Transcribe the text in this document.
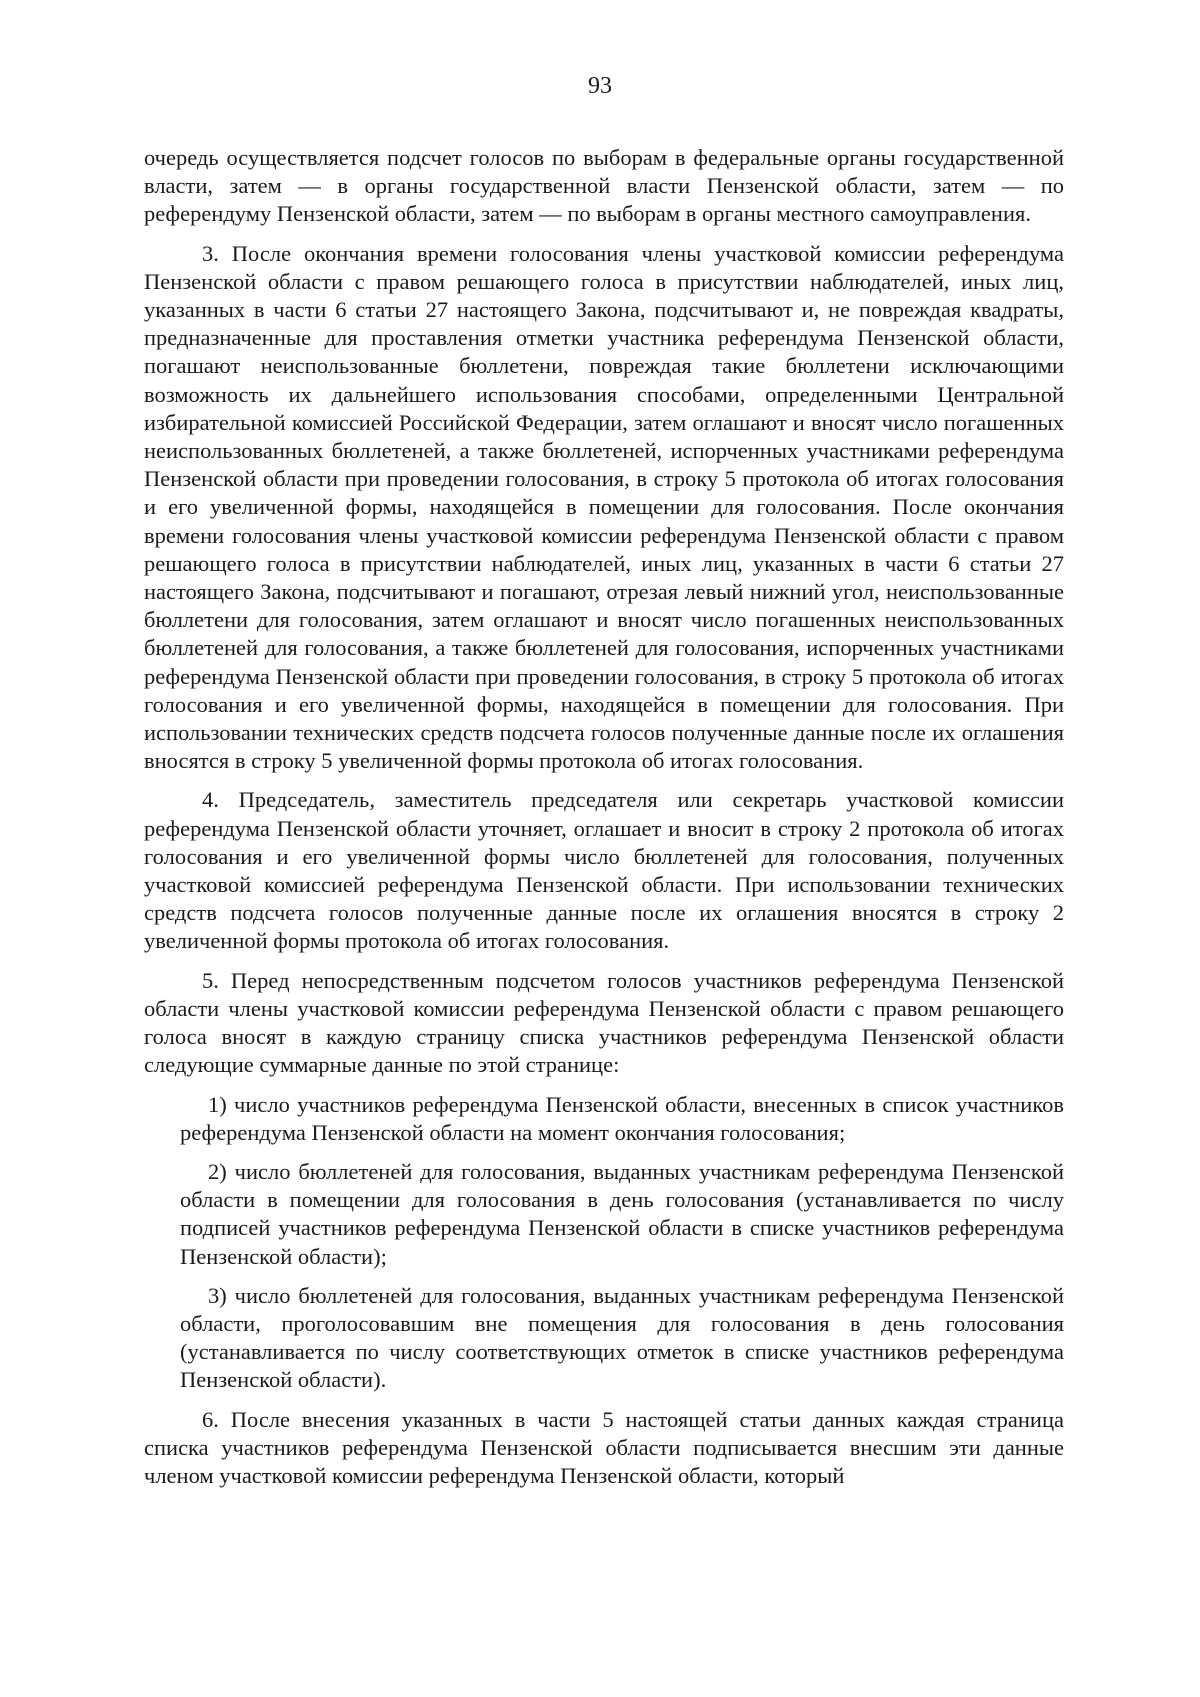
93

очередь осуществляется подсчет голосов по выборам в федеральные органы государственной власти, затем — в органы государственной власти Пензенской области, затем — по референдуму Пензенской области, затем — по выборам в органы местного самоуправления.

3. После окончания времени голосования члены участковой комиссии референдума Пензенской области с правом решающего голоса в присутствии наблюдателей, иных лиц, указанных в части 6 статьи 27 настоящего Закона, подсчитывают и, не повреждая квадраты, предназначенные для проставления отметки участника референдума Пензенской области, погашают неиспользованные бюллетени, повреждая такие бюллетени исключающими возможность их дальнейшего использования способами, определенными Центральной избирательной комиссией Российской Федерации, затем оглашают и вносят число погашенных неиспользованных бюллетеней, а также бюллетеней, испорченных участниками референдума Пензенской области при проведении голосования, в строку 5 протокола об итогах голосования и его увеличенной формы, находящейся в помещении для голосования. После окончания времени голосования члены участковой комиссии референдума Пензенской области с правом решающего голоса в присутствии наблюдателей, иных лиц, указанных в части 6 статьи 27 настоящего Закона, подсчитывают и погашают, отрезая левый нижний угол, неиспользованные бюллетени для голосования, затем оглашают и вносят число погашенных неиспользованных бюллетеней для голосования, а также бюллетеней для голосования, испорченных участниками референдума Пензенской области при проведении голосования, в строку 5 протокола об итогах голосования и его увеличенной формы, находящейся в помещении для голосования. При использовании технических средств подсчета голосов полученные данные после их оглашения вносятся в строку 5 увеличенной формы протокола об итогах голосования.

4. Председатель, заместитель председателя или секретарь участковой комиссии референдума Пензенской области уточняет, оглашает и вносит в строку 2 протокола об итогах голосования и его увеличенной формы число бюллетеней для голосования, полученных участковой комиссией референдума Пензенской области. При использовании технических средств подсчета голосов полученные данные после их оглашения вносятся в строку 2 увеличенной формы протокола об итогах голосования.

5. Перед непосредственным подсчетом голосов участников референдума Пензенской области члены участковой комиссии референдума Пензенской области с правом решающего голоса вносят в каждую страницу списка участников референдума Пензенской области следующие суммарные данные по этой странице:

1) число участников референдума Пензенской области, внесенных в список участников референдума Пензенской области на момент окончания голосования;

2) число бюллетеней для голосования, выданных участникам референдума Пензенской области в помещении для голосования в день голосования (устанавливается по числу подписей участников референдума Пензенской области в списке участников референдума Пензенской области);

3) число бюллетеней для голосования, выданных участникам референдума Пензенской области, проголосовавшим вне помещения для голосования в день голосования (устанавливается по числу соответствующих отметок в списке участников референдума Пензенской области).

6. После внесения указанных в части 5 настоящей статьи данных каждая страница списка участников референдума Пензенской области подписывается внесшим эти данные членом участковой комиссии референдума Пензенской области, который
